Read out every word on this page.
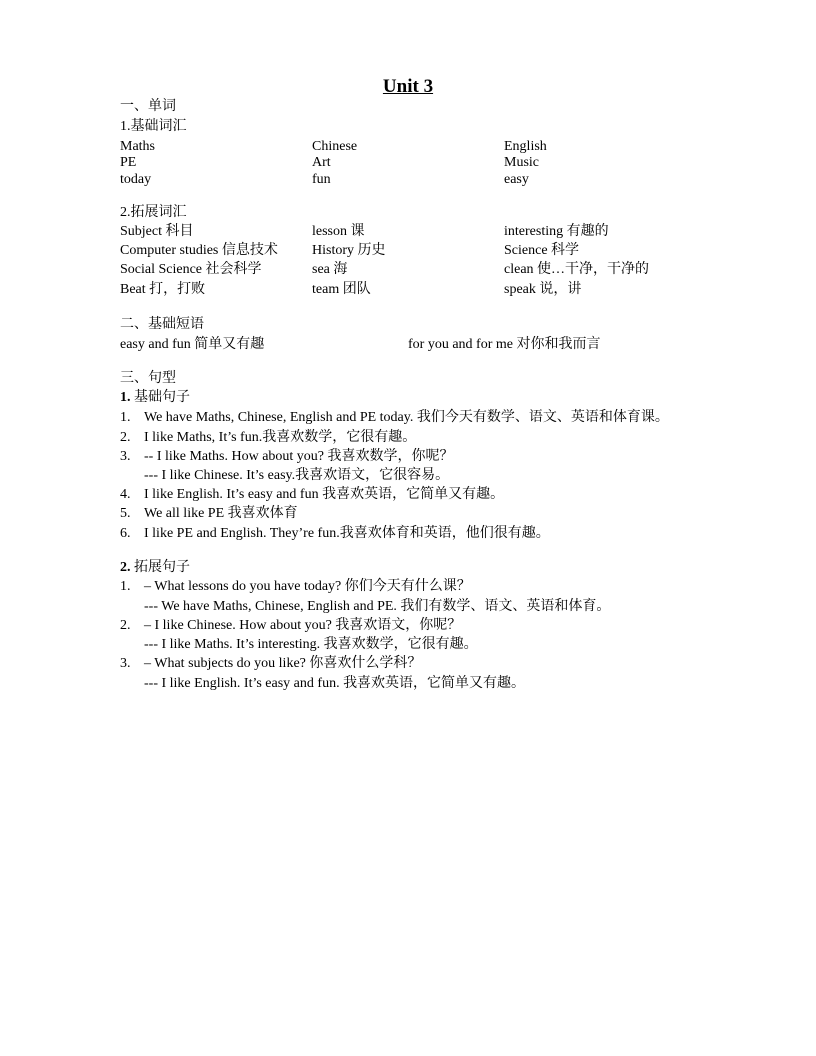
Unit 3
一、单词
1.基础词汇
Maths	Chinese	English
PE	Art	Music
today	fun	easy
2.拓展词汇
Subject 科目	lesson 课	interesting 有趣的
Computer studies 信息技术 History 历史	Science 科学
Social Science 社会科学	sea 海	clean 使…干净，干净的
Beat 打，打败	team 团队	speak 说，讲
二、基础短语
easy and fun 简单又有趣	for you and for me 对你和我而言
三、句型
1. 基础句子
1. We have Maths, Chinese, English and PE today. 我们今天有数学、语文、英语和体育课。
2. I like Maths, It’s fun.我喜欢数学，它很有趣。
3. -- I like Maths. How about you? 我喜欢数学，你呢？
--- I like Chinese. It’s easy.我喜欢语文，它很容易。
4. I like English. It’s easy and fun 我喜欢英语，它简单又有趣。
5. We all like PE 我喜欢体育
6. I like PE and English. They’re fun.我喜欢体育和英语，他们很有趣。
2. 拓展句子
1. – What lessons do you have today? 你们今天有什么课？
--- We have Maths, Chinese, English and PE. 我们有数学、语文、英语和体育。
2. – I like Chinese. How about you? 我喜欢语文，你呢？
--- I like Maths. It’s interesting. 我喜欢数学，它很有趣。
3. – What subjects do you like? 你喜欢什么学科？
--- I like English. It’s easy and fun. 我喜欢英语，它简单又有趣。
